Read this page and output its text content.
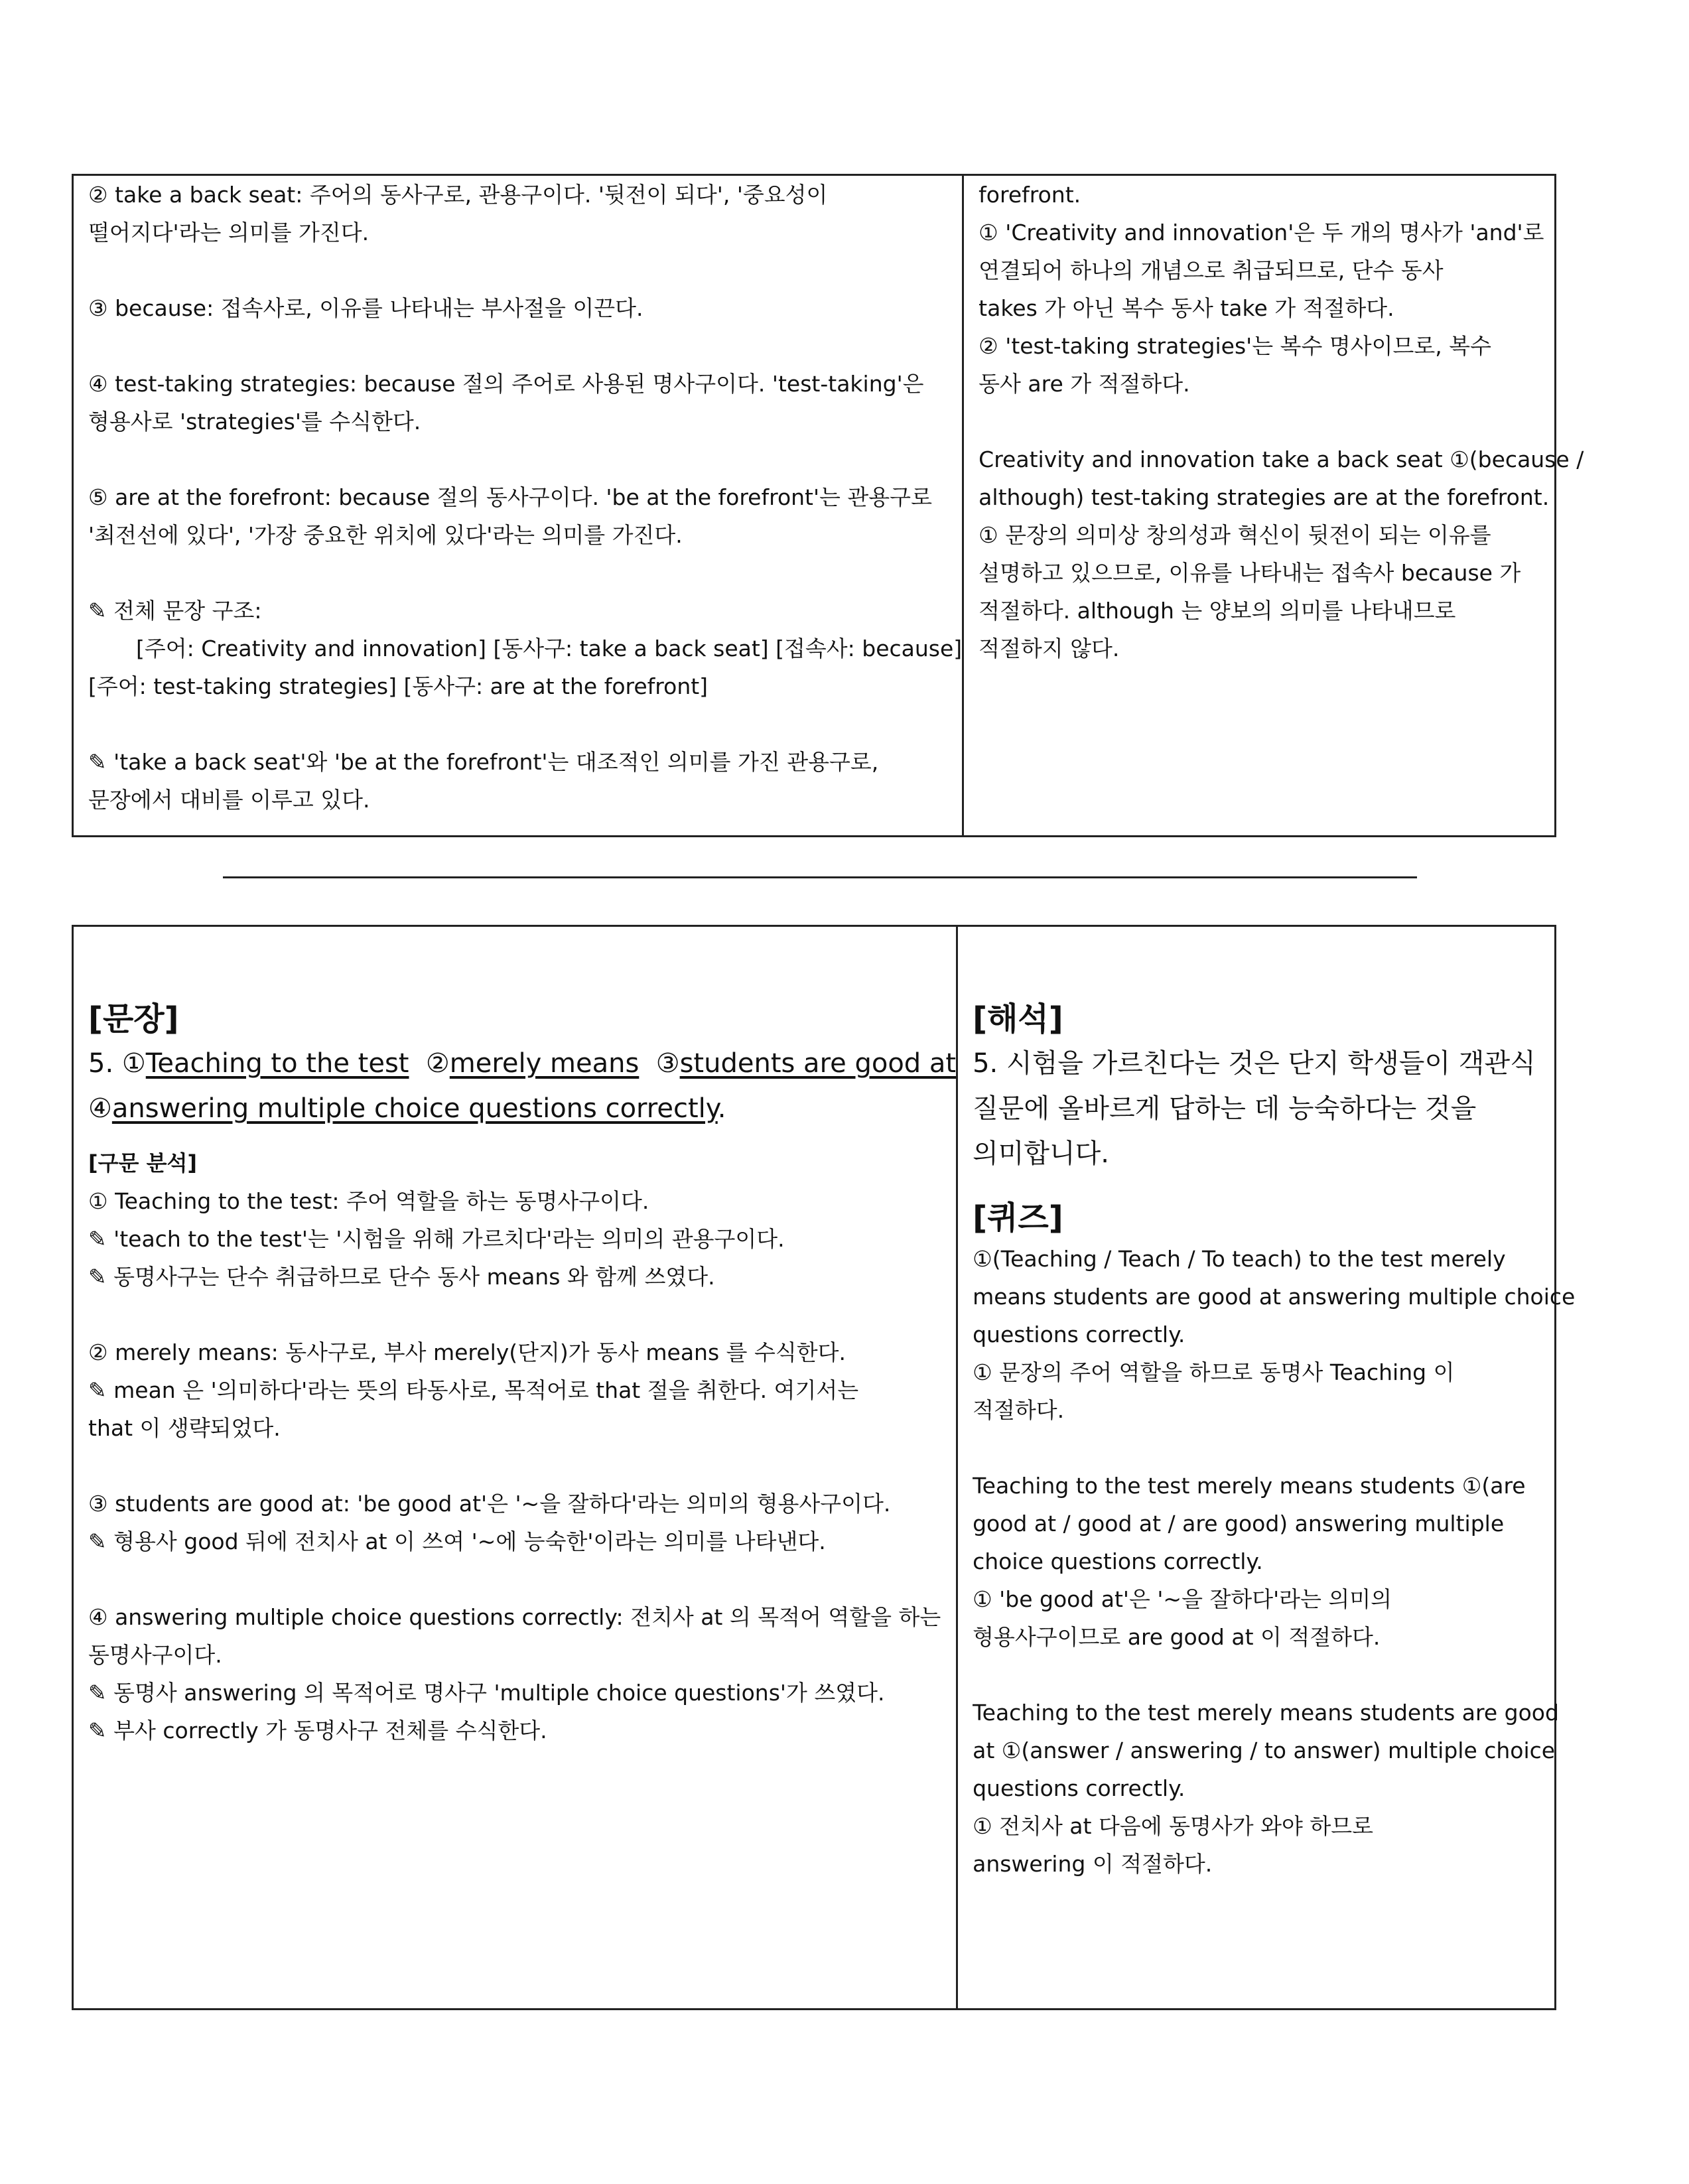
② take a back seat: 주어의 동사구로, 관용구이다. '뒷전이 되다', '중요성이

떨어지다'라는 의미를 가진다.

③ because: 접속사로, 이유를 나타내는 부사절을 이끈다.

④ test-taking strategies: because 절의 주어로 사용된 명사구이다. 'test-taking'은

형용사로 'strategies'를 수식한다.

⑤ are at the forefront: because 절의 동사구이다. 'be at the forefront'는 관용구로

'최전선에 있다', '가장 중요한 위치에 있다'라는 의미를 가진다.

✎ 전체 문장 구조:

[주어: Creativity and innovation] [동사구: take a back seat] [접속사: because]

[주어: test-taking strategies] [동사구: are at the forefront]

✎ 'take a back seat'와 'be at the forefront'는 대조적인 의미를 가진 관용구로,

문장에서 대비를 이루고 있다.

forefront.

① 'Creativity and innovation'은 두 개의 명사가 'and'로

연결되어 하나의 개념으로 취급되므로, 단수 동사

takes 가 아닌 복수 동사 take 가 적절하다.

② 'test-taking strategies'는 복수 명사이므로, 복수

동사 are 가 적절하다.

Creativity and innovation take a back seat ①(because /

although) test-taking strategies are at the forefront.

① 문장의 의미상 창의성과 혁신이 뒷전이 되는 이유를

설명하고 있으므로, 이유를 나타내는 접속사 because 가

적절하다. although 는 양보의 의미를 나타내므로

적절하지 않다.

[문장]

5. ①Teaching to the test ②merely means ③students are good at

④answering multiple choice questions correctly.

[구문 분석]

① Teaching to the test: 주어 역할을 하는 동명사구이다.

✎ 'teach to the test'는 '시험을 위해 가르치다'라는 의미의 관용구이다.

✎ 동명사구는 단수 취급하므로 단수 동사 means 와 함께 쓰였다.

② merely means: 동사구로, 부사 merely(단지)가 동사 means 를 수식한다.

✎ mean 은 '의미하다'라는 뜻의 타동사로, 목적어로 that 절을 취한다. 여기서는

that 이 생략되었다.

③ students are good at: 'be good at'은 '~을 잘하다'라는 의미의 형용사구이다.

✎ 형용사 good 뒤에 전치사 at 이 쓰여 '~에 능숙한'이라는 의미를 나타낸다.

④ answering multiple choice questions correctly: 전치사 at 의 목적어 역할을 하는

동명사구이다.

✎ 동명사 answering 의 목적어로 명사구 'multiple choice questions'가 쓰였다.

✎ 부사 correctly 가 동명사구 전체를 수식한다.

[해석]

5. 시험을 가르친다는 것은 단지 학생들이 객관식

질문에 올바르게 답하는 데 능숙하다는 것을

의미합니다.

[퀴즈]

①(Teaching / Teach / To teach) to the test merely

means students are good at answering multiple choice

questions correctly.

① 문장의 주어 역할을 하므로 동명사 Teaching 이

적절하다.

Teaching to the test merely means students ①(are

good at / good at / are good) answering multiple

choice questions correctly.

① 'be good at'은 '~을 잘하다'라는 의미의

형용사구이므로 are good at 이 적절하다.

Teaching to the test merely means students are good

at ①(answer / answering / to answer) multiple choice

questions correctly.

① 전치사 at 다음에 동명사가 와야 하므로

answering 이 적절하다.
